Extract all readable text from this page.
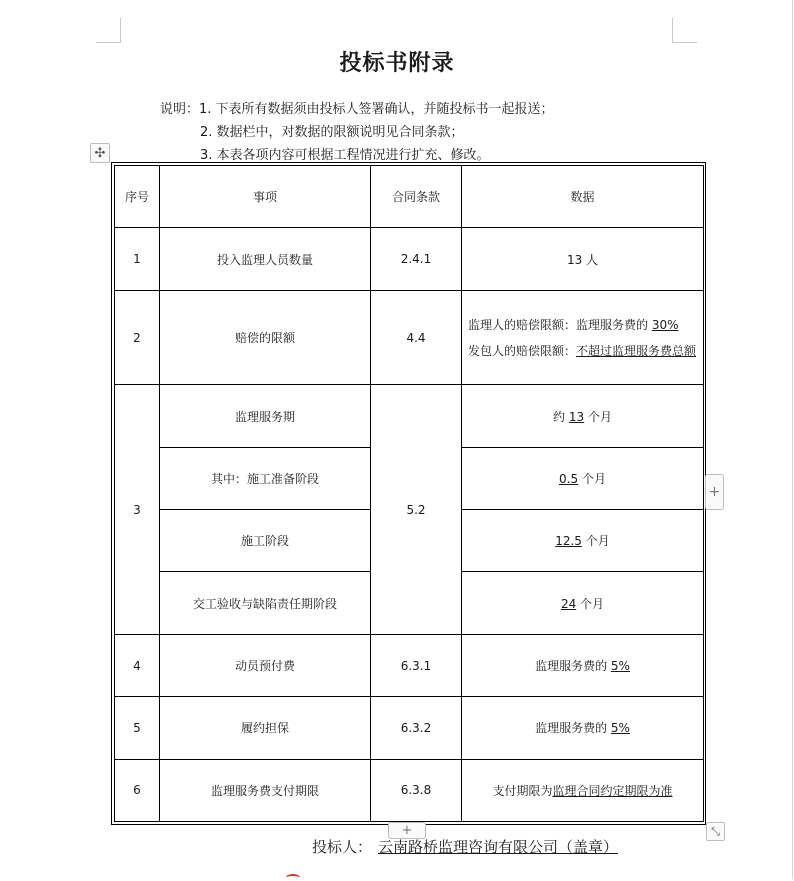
投标书附录
说明：1. 下表所有数据须由投标人签署确认，并随投标书一起报送；
2. 数据栏中，对数据的限额说明见合同条款；
3. 本表各项内容可根据工程情况进行扩充、修改。
✣
序号	事项	合同条款	数据
1	投入监理人员数量	2.4.1	13 人
2	赔偿的限额	4.4	监理人的赔偿限额：监理服务费的 30%
发包人的赔偿限额：不超过监理服务费总额
3	监理服务期	5.2	约 13 个月
	其中：施工准备阶段		0.5 个月
	施工阶段		12.5 个月
	交工验收与缺陷责任期阶段		24 个月
4	动员预付费	6.3.1	监理服务费的 5%
5	履约担保	6.3.2	监理服务费的 5%
6	监理服务费支付期限	6.3.8	支付期限为监理合同约定期限为准
+
+	⤡
投标人： 云南路桥监理咨询有限公司（盖章）
